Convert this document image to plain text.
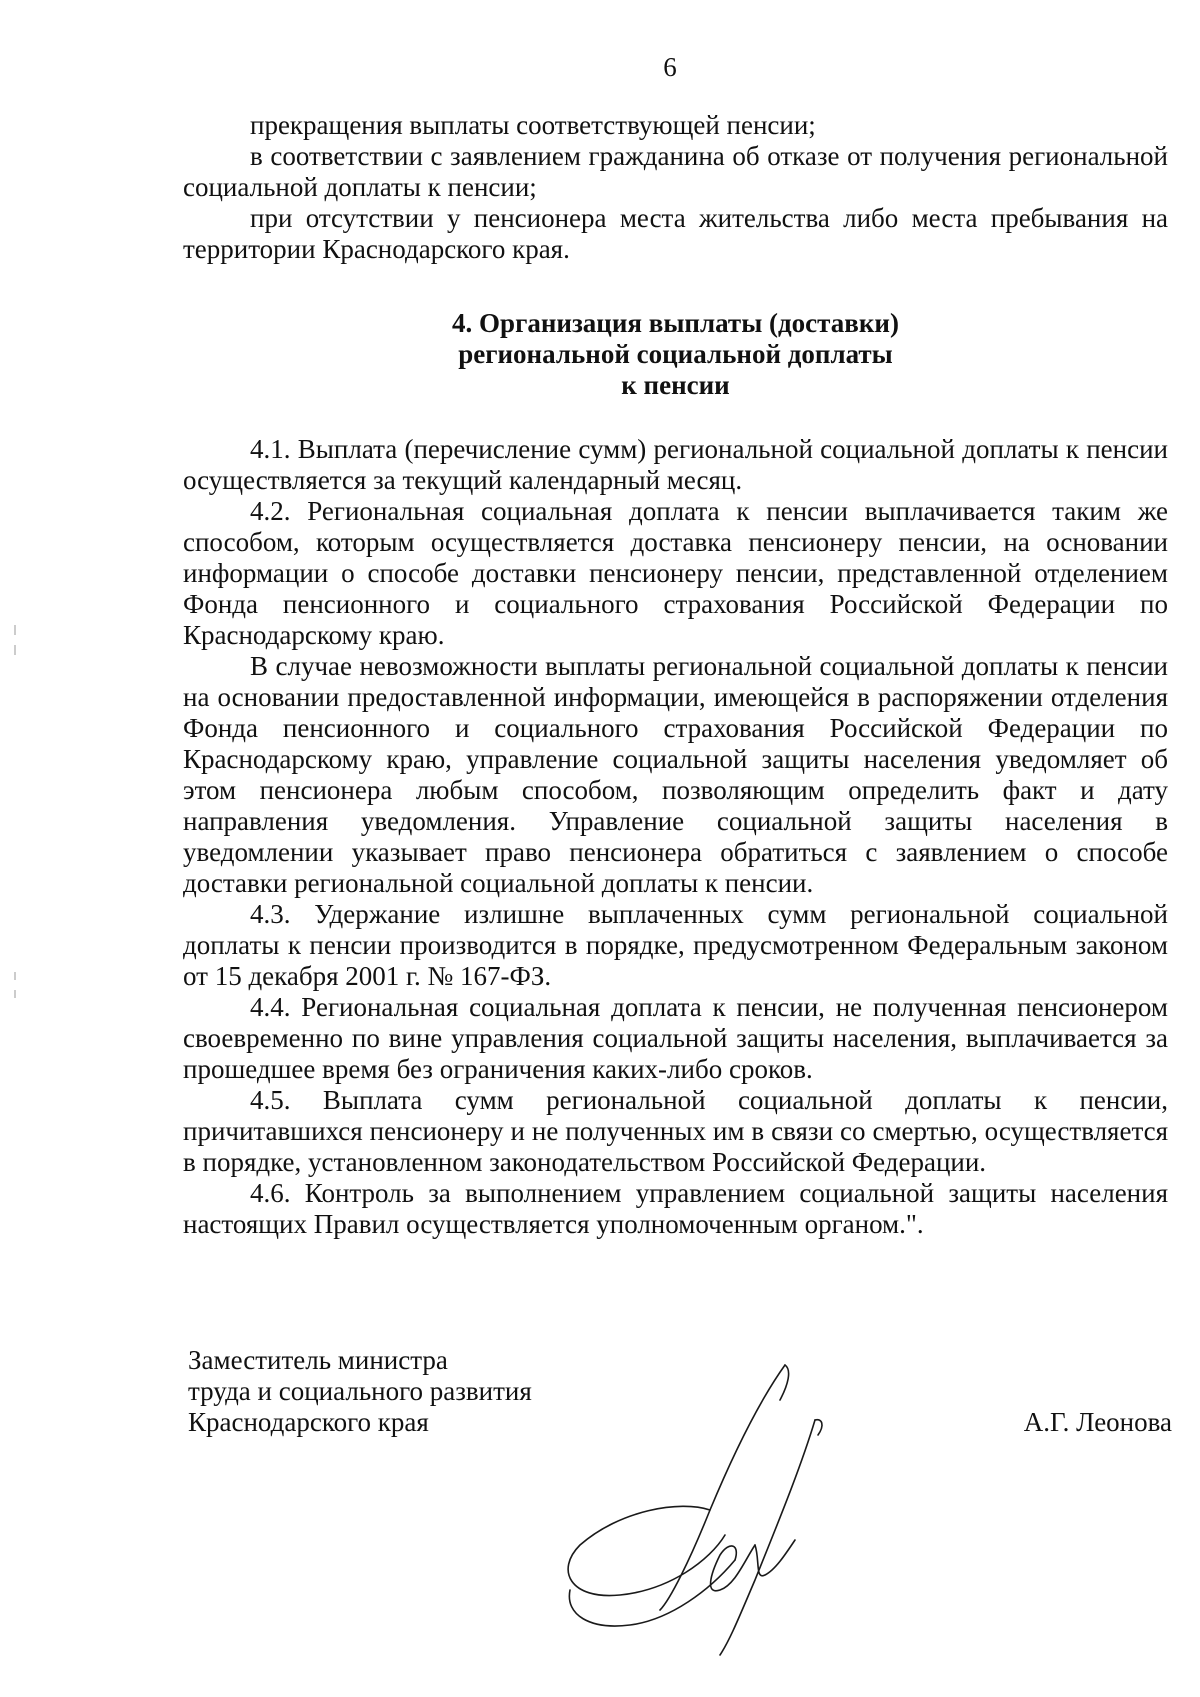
6

прекращения выплаты соответствующей пенсии;

в соответствии с заявлением гражданина об отказе от получения региональной социальной доплаты к пенсии;

при отсутствии у пенсионера места жительства либо места пребывания на территории Краснодарского края.

4. Организация выплаты (доставки)
региональной социальной доплаты
к пенсии

4.1. Выплата (перечисление сумм) региональной социальной доплаты к пенсии осуществляется за текущий календарный месяц.

4.2. Региональная социальная доплата к пенсии выплачивается таким же способом, которым осуществляется доставка пенсионеру пенсии, на основании информации о способе доставки пенсионеру пенсии, представленной отделением Фонда пенсионного и социального страхования Российской Федерации по Краснодарскому краю.

В случае невозможности выплаты региональной социальной доплаты к пенсии на основании предоставленной информации, имеющейся в распоряжении отделения Фонда пенсионного и социального страхования Российской Федерации по Краснодарскому краю, управление социальной защиты населения уведомляет об этом пенсионера любым способом, позволяющим определить факт и дату направления уведомления. Управление социальной защиты населения в уведомлении указывает право пенсионера обратиться с заявлением о способе доставки региональной социальной доплаты к пенсии.

4.3. Удержание излишне выплаченных сумм региональной социальной доплаты к пенсии производится в порядке, предусмотренном Федеральным законом от 15 декабря 2001 г. № 167-ФЗ.

4.4. Региональная социальная доплата к пенсии, не полученная пенсионером своевременно по вине управления социальной защиты населения, выплачивается за прошедшее время без ограничения каких-либо сроков.

4.5. Выплата сумм региональной социальной доплаты к пенсии, причитавшихся пенсионеру и не полученных им в связи со смертью, осуществляется в порядке, установленном законодательством Российской Федерации.

4.6. Контроль за выполнением управлением социальной защиты населения настоящих Правил осуществляется уполномоченным органом.".

Заместитель министра
труда и социального развития
Краснодарского края	А.Г. Леонова
